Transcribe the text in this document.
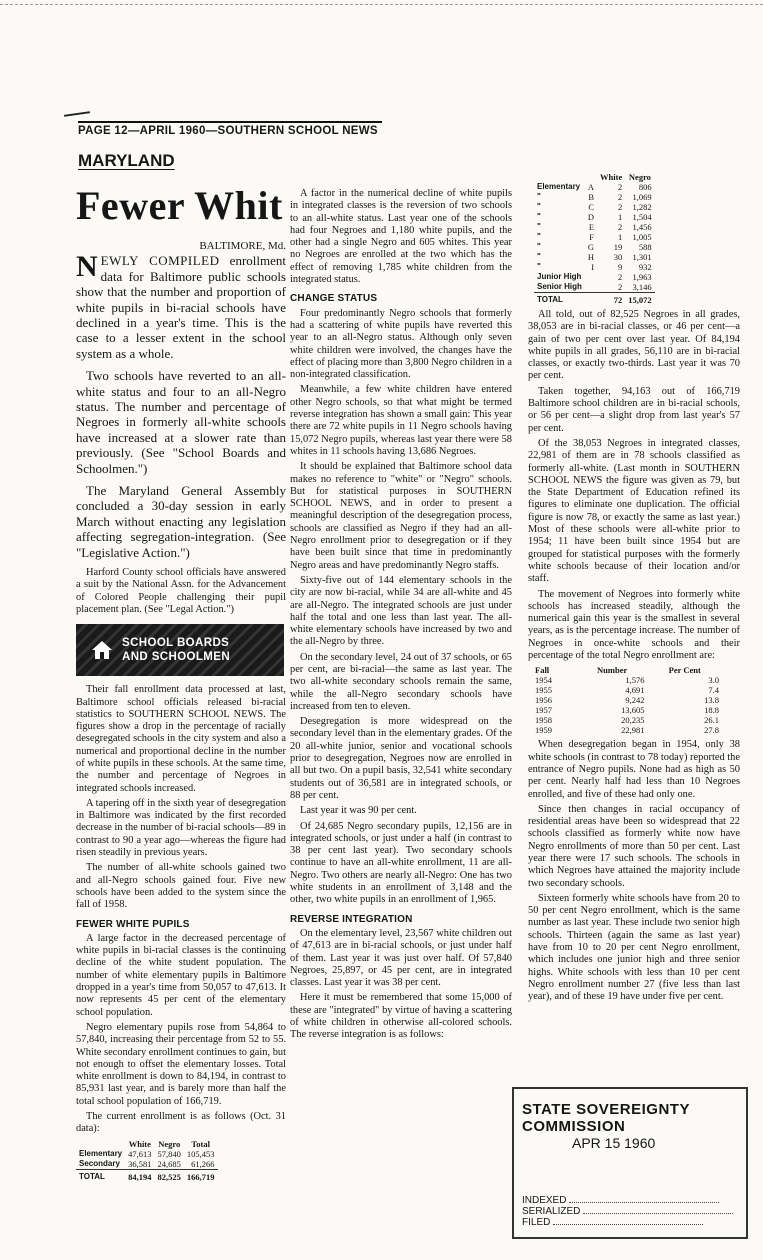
PAGE 12—APRIL 1960—SOUTHERN SCHOOL NEWS
MARYLAND
Fewer Whit

BALTIMORE, Md.

NEWLY COMPILED enrollment data for Baltimore public schools show that the number and proportion of white pupils in bi-racial schools have declined in a year's time. This is the case to a lesser extent in the school system as a whole.

Two schools have reverted to an all-white status and four to an all-Negro status. The number and percentage of Negroes in formerly all-white schools have increased at a slower rate than previously. (See "School Boards and Schoolmen.")

The Maryland General Assembly concluded a 30-day session in early March without enacting any legislation affecting segregation-integration. (See "Legislative Action.")

Harford County school officials have answered a suit by the National Assn. for the Advancement of Colored People challenging their pupil placement plan. (See "Legal Action.")

SCHOOL BOARDS
AND SCHOOLMEN

Their fall enrollment data processed at last, Baltimore school officials released bi-racial statistics to SOUTHERN SCHOOL NEWS. The figures show a drop in the percentage of racially desegregated schools in the city system and also a numerical and proportional decline in the number of white pupils in these schools. At the same time, the number and percentage of Negroes in integrated schools increased.

A tapering off in the sixth year of desegregation in Baltimore was indicated by the first recorded decrease in the number of bi-racial schools—89 in contrast to 90 a year ago—whereas the figure had risen steadily in previous years.

The number of all-white schools gained two and all-Negro schools gained four. Five new schools have been added to the system since the fall of 1958.

FEWER WHITE PUPILS

A large factor in the decreased percentage of white pupils in bi-racial classes is the continuing decline of the white student population. The number of white elementary pupils in Baltimore dropped in a year's time from 50,057 to 47,613. It now represents 45 per cent of the elementary school population.

Negro elementary pupils rose from 54,864 to 57,840, increasing their percentage from 52 to 55. White secondary enrollment continues to gain, but not enough to offset the elementary losses. Total white enrollment is down to 84,194, in contrast to 85,931 last year, and is barely more than half the total school population of 166,719.

The current enrollment is as follows (Oct. 31 data):

	White	Negro	Total
Elementary	47,613	57,840	105,453
Secondary	36,581	24,685	61,266
TOTAL	84,194	82,525	166,719

A factor in the numerical decline of white pupils in integrated classes is the reversion of two schools to an all-white status. Last year one of the schools had four Negroes and 1,180 white pupils, and the other had a single Negro and 605 whites. This year no Negroes are enrolled at the two which has the effect of removing 1,785 white children from the integrated status.

CHANGE STATUS

Four predominantly Negro schools that formerly had a scattering of white pupils have reverted this year to an all-Negro status. Although only seven white children were involved, the changes have the effect of placing more than 3,800 Negro children in a non-integrated classification.

Meanwhile, a few white children have entered other Negro schools, so that what might be termed reverse integration has shown a small gain: This year there are 72 white pupils in 11 Negro schools having 15,072 Negro pupils, whereas last year there were 58 whites in 11 schools having 13,686 Negroes.

It should be explained that Baltimore school data makes no reference to "white" or "Negro" schools. But for statistical purposes in SOUTHERN SCHOOL NEWS, and in order to present a meaningful description of the desegregation process, schools are classified as Negro if they had an all-Negro enrollment prior to desegregation or if they have been built since that time in predominantly Negro areas and have predominantly Negro staffs.

Sixty-five out of 144 elementary schools in the city are now bi-racial, while 34 are all-white and 45 are all-Negro. The integrated schools are just under half the total and one less than last year. The all-white elementary schools have increased by two and the all-Negro by three.

On the secondary level, 24 out of 37 schools, or 65 per cent, are bi-racial—the same as last year. The two all-white secondary schools remain the same, while the all-Negro secondary schools have increased from ten to eleven.

Desegregation is more widespread on the secondary level than in the elementary grades. Of the 20 all-white junior, senior and vocational schools prior to desegregation, Negroes now are enrolled in all but two. On a pupil basis, 32,541 white secondary students out of 36,581 are in integrated schools, or 88 per cent.

Last year it was 90 per cent.

Of 24,685 Negro secondary pupils, 12,156 are in integrated schools, or just under a half (in contrast to 38 per cent last year). Two secondary schools continue to have an all-white enrollment, 11 are all-Negro. Two others are nearly all-Negro: One has two white students in an enrollment of 3,148 and the other, two white pupils in an enrollment of 1,965.

REVERSE INTEGRATION

On the elementary level, 23,567 white children out of 47,613 are in bi-racial schools, or just under half of them. Last year it was just over half. Of 57,840 Negroes, 25,897, or 45 per cent, are in integrated classes. Last year it was 38 per cent.

Here it must be remembered that some 15,000 of these are "integrated" by virtue of having a scattering of white children in otherwise all-colored schools. The reverse integration is as follows:

		White	Negro
Elementary	A	2	806
"	B	2	1,069
"	C	2	1,282
"	D	1	1,504
"	E	2	1,456
"	F	1	1,005
"	G	19	588
"	H	30	1,301
"	I	9	932
Junior High		2	1,963
Senior High		2	3,146
TOTAL		72	15,072

All told, out of 82,525 Negroes in all grades, 38,053 are in bi-racial classes, or 46 per cent—a gain of two per cent over last year. Of 84,194 white pupils in all grades, 56,110 are in bi-racial classes, or exactly two-thirds. Last year it was 70 per cent.

Taken together, 94,163 out of 166,719 Baltimore school children are in bi-racial schools, or 56 per cent—a slight drop from last year's 57 per cent.

Of the 38,053 Negroes in integrated classes, 22,981 of them are in 78 schools classified as formerly all-white. (Last month in SOUTHERN SCHOOL NEWS the figure was given as 79, but the State Department of Education refined its figures to eliminate one duplication. The official figure is now 78, or exactly the same as last year.) Most of these schools were all-white prior to 1954; 11 have been built since 1954 but are grouped for statistical purposes with the formerly white schools because of their location and/or staff.

The movement of Negroes into formerly white schools has increased steadily, although the numerical gain this year is the smallest in several years, as is the percentage increase. The number of Negroes in once-white schools and their percentage of the total Negro enrollment are:

Fall	Number	Per Cent
1954	1,576	3.0
1955	4,691	7.4
1956	9,242	13.8
1957	13,605	18.8
1958	20,235	26.1
1959	22,981	27.8

When desegregation began in 1954, only 38 white schools (in contrast to 78 today) reported the entrance of Negro pupils. None had as high as 50 per cent. Nearly half had less than 10 Negroes enrolled, and five of these had only one.

Since then changes in racial occupancy of residential areas have been so widespread that 22 schools classified as formerly white now have Negro enrollments of more than 50 per cent. Last year there were 17 such schools. The schools in which Negroes have attained the majority include two secondary schools.

Sixteen formerly white schools have from 20 to 50 per cent Negro enrollment, which is the same number as last year. These include two senior high schools. Thirteen (again the same as last year) have from 10 to 20 per cent Negro enrollment, which includes one junior high and three senior highs. White schools with less than 10 per cent Negro enrollment number 27 (five less than last year), and of these 19 have under five per cent.

STATE SOVEREIGNTY COMMISSION
APR 15 1960
INDEXED
SERIALIZED
FILED
